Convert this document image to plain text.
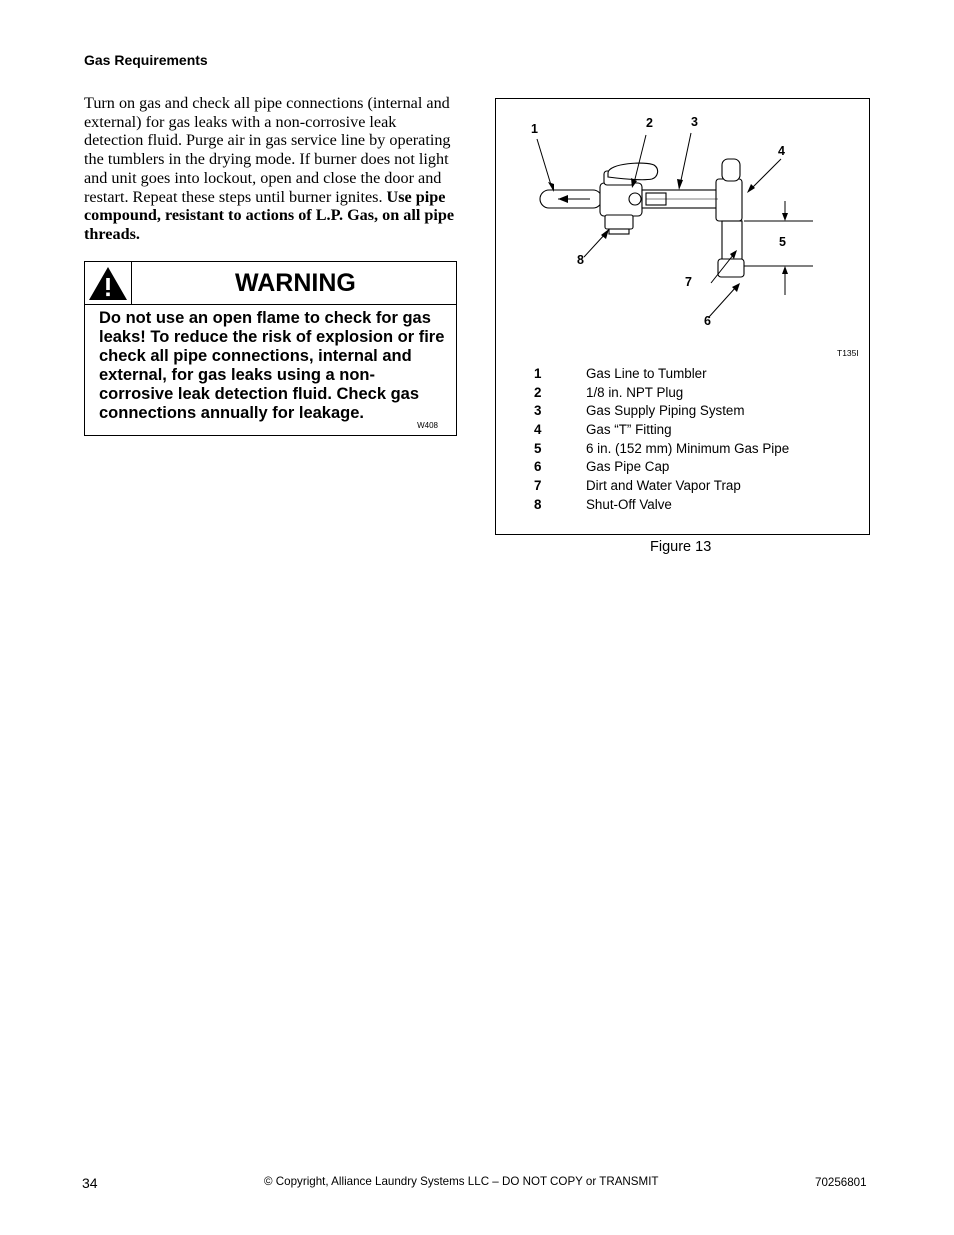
Gas Requirements
Turn on gas and check all pipe connections (internal and external) for gas leaks with a non-corrosive leak detection fluid. Purge air in gas service line by operating the tumblers in the drying mode. If burner does not light and unit goes into lockout, open and close the door and restart. Repeat these steps until burner ignites. Use pipe compound, resistant to actions of L.P. Gas, on all pipe threads.
WARNING
Do not use an open flame to check for gas leaks! To reduce the risk of explosion or fire check all pipe connections, internal and external, for gas leaks using a non-corrosive leak detection fluid. Check gas connections annually for leakage.
W408
1	2	3
4
5
6
7
8
T135I
1	Gas Line to Tumbler
2	1/8 in. NPT Plug
3	Gas Supply Piping System
4	Gas “T” Fitting
5	6 in. (152 mm) Minimum Gas Pipe
6	Gas Pipe Cap
7	Dirt and Water Vapor Trap
8	Shut-Off Valve
Figure 13
34	© Copyright, Alliance Laundry Systems LLC – DO NOT COPY or TRANSMIT	70256801
